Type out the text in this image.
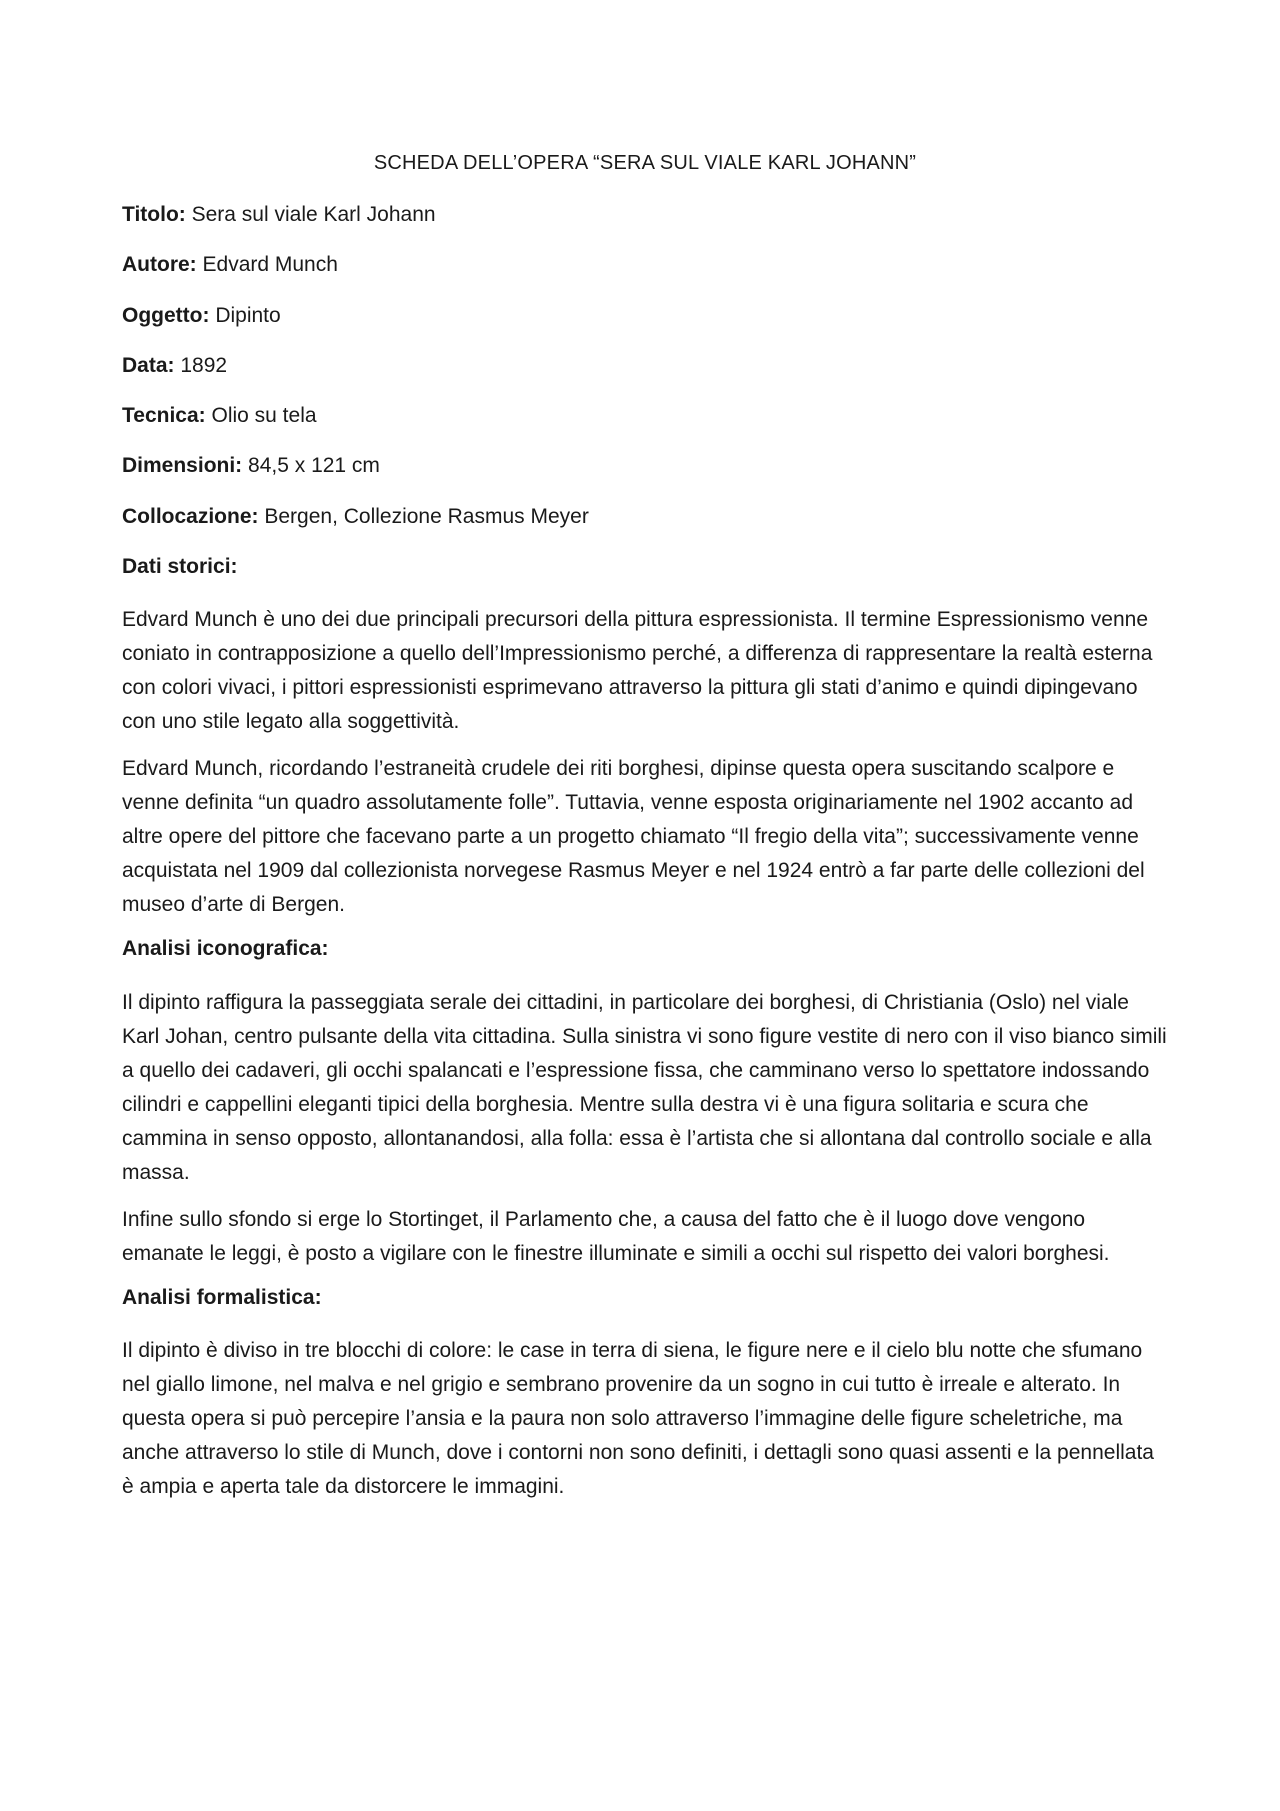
SCHEDA DELL’OPERA “SERA SUL VIALE KARL JOHANN”
Titolo: Sera sul viale Karl Johann
Autore: Edvard Munch
Oggetto: Dipinto
Data: 1892
Tecnica: Olio su tela
Dimensioni: 84,5 x 121 cm
Collocazione: Bergen, Collezione Rasmus Meyer
Dati storici:

Edvard Munch è uno dei due principali precursori della pittura espressionista. Il termine Espressionismo venne coniato in contrapposizione a quello dell’Impressionismo perché, a differenza di rappresentare la realtà esterna con colori vivaci, i pittori espressionisti esprimevano attraverso la pittura gli stati d’animo e quindi dipingevano con uno stile legato alla soggettività.

Edvard Munch, ricordando l’estraneità crudele dei riti borghesi, dipinse questa opera suscitando scalpore e venne definita “un quadro assolutamente folle”. Tuttavia, venne esposta originariamente nel 1902 accanto ad altre opere del pittore che facevano parte a un progetto chiamato “Il fregio della vita”; successivamente venne acquistata nel 1909 dal collezionista norvegese Rasmus Meyer e nel 1924 entrò a far parte delle collezioni del museo d’arte di Bergen.

Analisi iconografica:

Il dipinto raffigura la passeggiata serale dei cittadini, in particolare dei borghesi, di Christiania (Oslo) nel viale Karl Johan, centro pulsante della vita cittadina. Sulla sinistra vi sono figure vestite di nero con il viso bianco simili a quello dei cadaveri, gli occhi spalancati e l’espressione fissa, che camminano verso lo spettatore indossando cilindri e cappellini eleganti tipici della borghesia. Mentre sulla destra vi è una figura solitaria e scura che cammina in senso opposto, allontanandosi, alla folla: essa è l’artista che si allontana dal controllo sociale e alla massa.

Infine sullo sfondo si erge lo Stortinget, il Parlamento che, a causa del fatto che è il luogo dove vengono emanate le leggi, è posto a vigilare con le finestre illuminate e simili a occhi sul rispetto dei valori borghesi.

Analisi formalistica:

Il dipinto è diviso in tre blocchi di colore: le case in terra di siena, le figure nere e il cielo blu notte che sfumano nel giallo limone, nel malva e nel grigio e sembrano provenire da un sogno in cui tutto è irreale e alterato. In questa opera si può percepire l’ansia e la paura non solo attraverso l’immagine delle figure scheletriche, ma anche attraverso lo stile di Munch, dove i contorni non sono definiti, i dettagli sono quasi assenti e la pennellata è ampia e aperta tale da distorcere le immagini.
